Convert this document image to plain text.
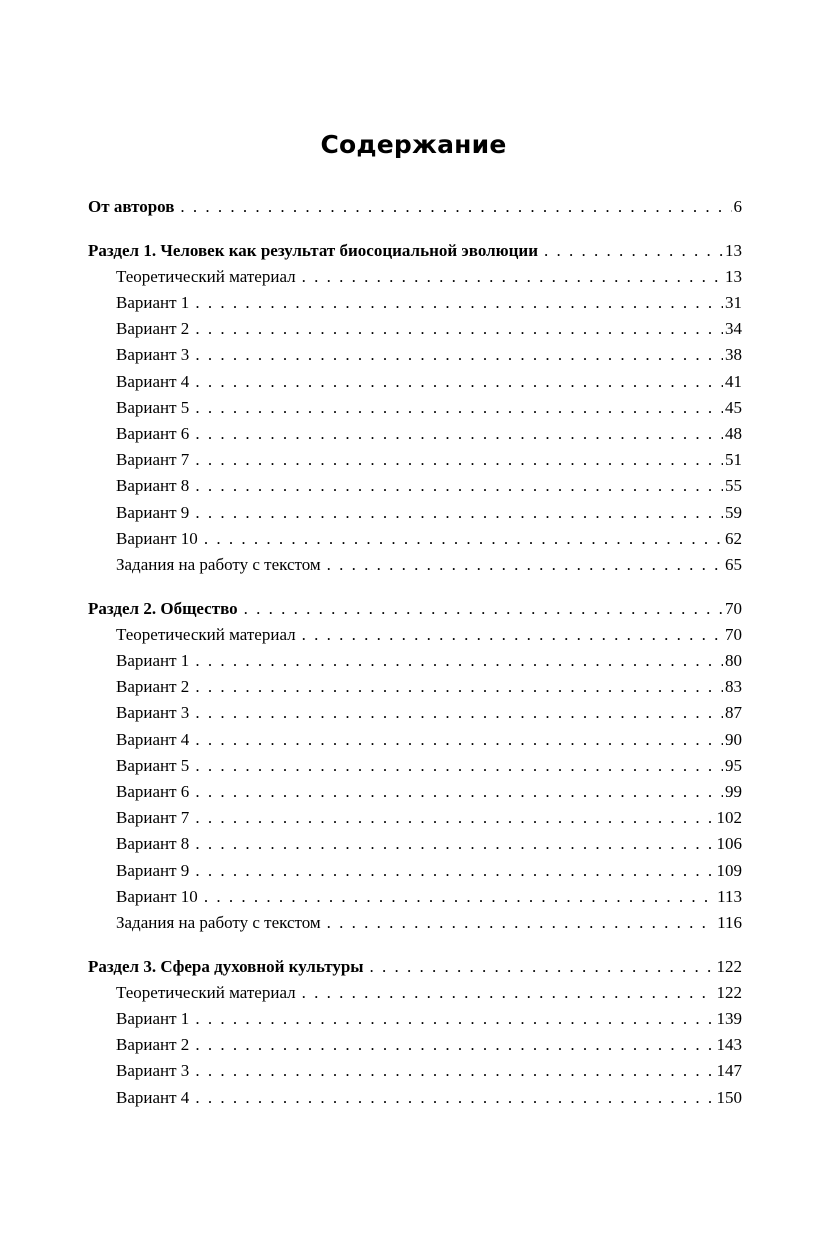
Содержание
От авторов . . .	6
Раздел 1. Человек как результат биосоциальной эволюции . . .	13
Теоретический материал . . .	13
Вариант 1 . . .	31
Вариант 2 . . .	34
Вариант 3 . . .	38
Вариант 4 . . .	41
Вариант 5 . . .	45
Вариант 6 . . .	48
Вариант 7 . . .	51
Вариант 8 . . .	55
Вариант 9 . . .	59
Вариант 10 . . .	62
Задания на работу с текстом . . .	65
Раздел 2. Общество . . .	70
Теоретический материал . . .	70
Вариант 1 . . .	80
Вариант 2 . . .	83
Вариант 3 . . .	87
Вариант 4 . . .	90
Вариант 5 . . .	95
Вариант 6 . . .	99
Вариант 7 . . .	102
Вариант 8 . . .	106
Вариант 9 . . .	109
Вариант 10 . . .	113
Задания на работу с текстом . . .	116
Раздел 3. Сфера духовной культуры . . .	122
Теоретический материал . . .	122
Вариант 1 . . .	139
Вариант 2 . . .	143
Вариант 3 . . .	147
Вариант 4 . . .	150
